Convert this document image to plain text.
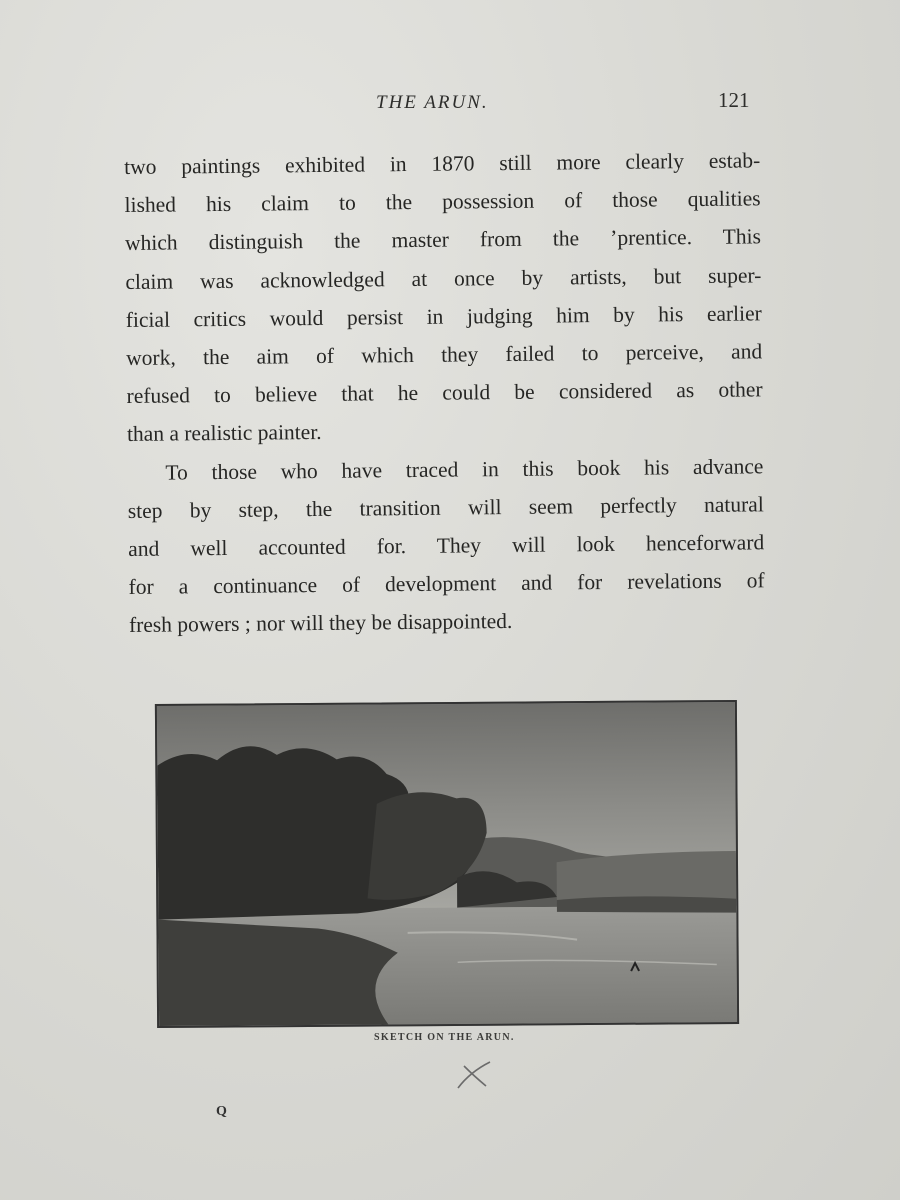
THE ARUN.	121
two paintings exhibited in 1870 still more clearly estab-
lished his claim to the possession of those qualities
which distinguish the master from the ’prentice. This
claim was acknowledged at once by artists, but super-
ficial critics would persist in judging him by his earlier
work, the aim of which they failed to perceive, and
refused to believe that he could be considered as other
than a realistic painter.
To those who have traced in this book his advance
step by step, the transition will seem perfectly natural
and well accounted for. They will look henceforward
for a continuance of development and for revelations of
fresh powers ; nor will they be disappointed.
SKETCH ON THE ARUN.
Q
